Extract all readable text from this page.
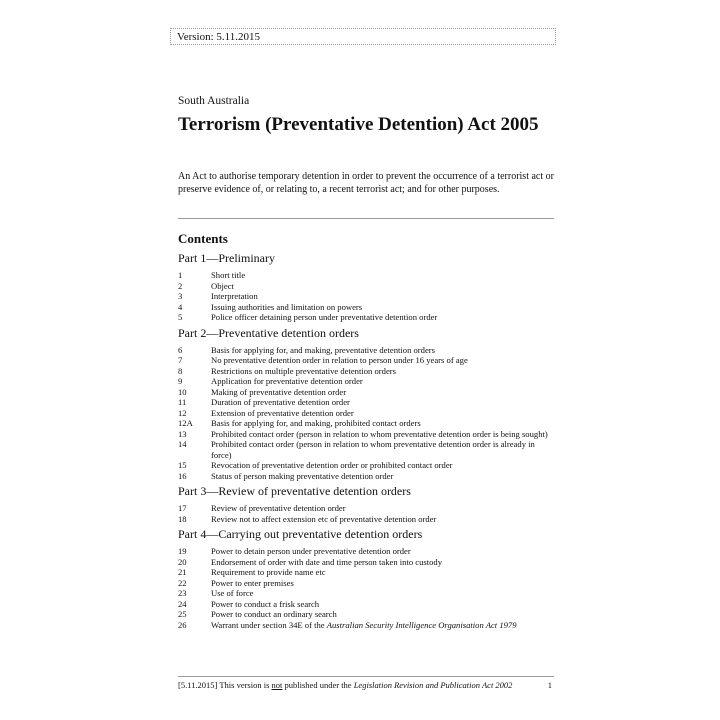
Version: 5.11.2015
South Australia
Terrorism (Preventative Detention) Act 2005
An Act to authorise temporary detention in order to prevent the occurrence of a terrorist act or preserve evidence of, or relating to, a recent terrorist act; and for other purposes.
Contents
Part 1—Preliminary
1	Short title
2	Object
3	Interpretation
4	Issuing authorities and limitation on powers
5	Police officer detaining person under preventative detention order
Part 2—Preventative detention orders
6	Basis for applying for, and making, preventative detention orders
7	No preventative detention order in relation to person under 16 years of age
8	Restrictions on multiple preventative detention orders
9	Application for preventative detention order
10	Making of preventative detention order
11	Duration of preventative detention order
12	Extension of preventative detention order
12A	Basis for applying for, and making, prohibited contact orders
13	Prohibited contact order (person in relation to whom preventative detention order is being sought)
14	Prohibited contact order (person in relation to whom preventative detention order is already in force)
15	Revocation of preventative detention order or prohibited contact order
16	Status of person making preventative detention order
Part 3—Review of preventative detention orders
17	Review of preventative detention order
18	Review not to affect extension etc of preventative detention order
Part 4—Carrying out preventative detention orders
19	Power to detain person under preventative detention order
20	Endorsement of order with date and time person taken into custody
21	Requirement to provide name etc
22	Power to enter premises
23	Use of force
24	Power to conduct a frisk search
25	Power to conduct an ordinary search
26	Warrant under section 34E of the Australian Security Intelligence Organisation Act 1979
[5.11.2015] This version is not published under the Legislation Revision and Publication Act 2002	1
